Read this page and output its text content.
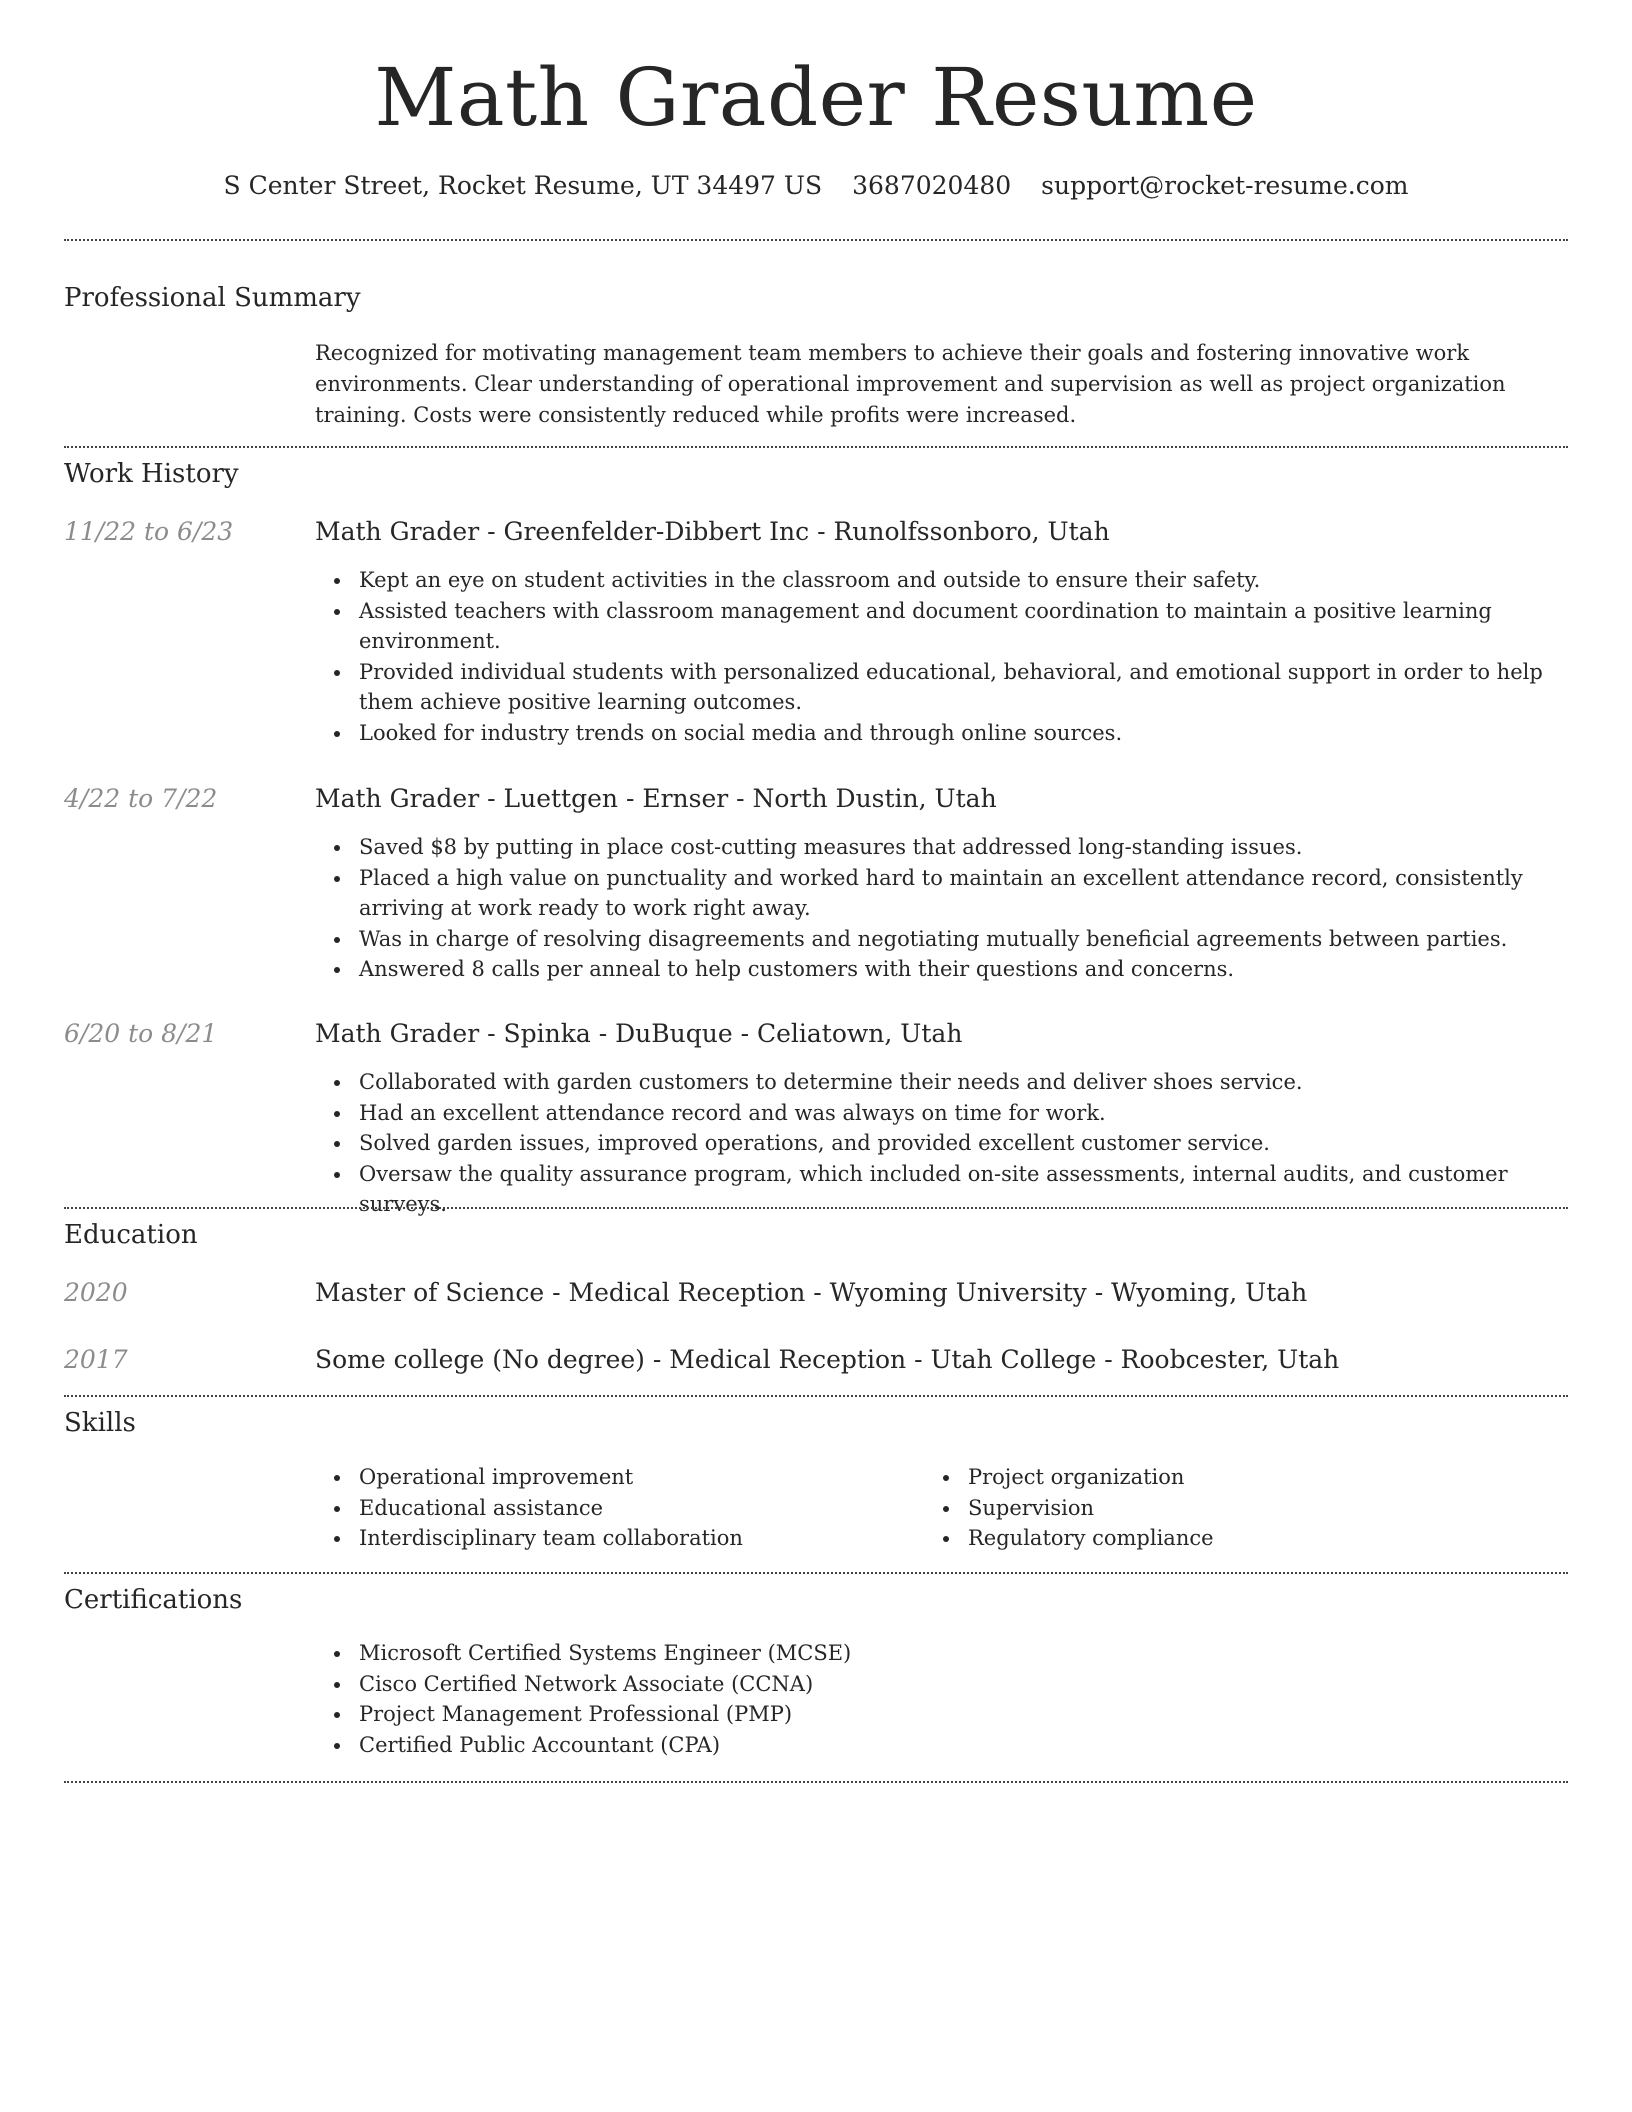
Math Grader Resume
S Center Street, Rocket Resume, UT 34497 US 3687020480 support@rocket-resume.com
Professional Summary
Recognized for motivating management team members to achieve their goals and fostering innovative work environments. Clear understanding of operational improvement and supervision as well as project organization training. Costs were consistently reduced while profits were increased.
Work History
11/22 to 6/23	Math Grader - Greenfelder-Dibbert Inc - Runolfssonboro, Utah
Kept an eye on student activities in the classroom and outside to ensure their safety.
Assisted teachers with classroom management and document coordination to maintain a positive learning environment.
Provided individual students with personalized educational, behavioral, and emotional support in order to help them achieve positive learning outcomes.
Looked for industry trends on social media and through online sources.
4/22 to 7/22	Math Grader - Luettgen - Ernser - North Dustin, Utah
Saved $8 by putting in place cost-cutting measures that addressed long-standing issues.
Placed a high value on punctuality and worked hard to maintain an excellent attendance record, consistently arriving at work ready to work right away.
Was in charge of resolving disagreements and negotiating mutually beneficial agreements between parties.
Answered 8 calls per anneal to help customers with their questions and concerns.
6/20 to 8/21	Math Grader - Spinka - DuBuque - Celiatown, Utah
Collaborated with garden customers to determine their needs and deliver shoes service.
Had an excellent attendance record and was always on time for work.
Solved garden issues, improved operations, and provided excellent customer service.
Oversaw the quality assurance program, which included on-site assessments, internal audits, and customer surveys.
Education
2020	Master of Science - Medical Reception - Wyoming University - Wyoming, Utah
2017	Some college (No degree) - Medical Reception - Utah College - Roobcester, Utah
Skills
Operational improvement
Educational assistance
Interdisciplinary team collaboration
Project organization
Supervision
Regulatory compliance
Certifications
Microsoft Certified Systems Engineer (MCSE)
Cisco Certified Network Associate (CCNA)
Project Management Professional (PMP)
Certified Public Accountant (CPA)
